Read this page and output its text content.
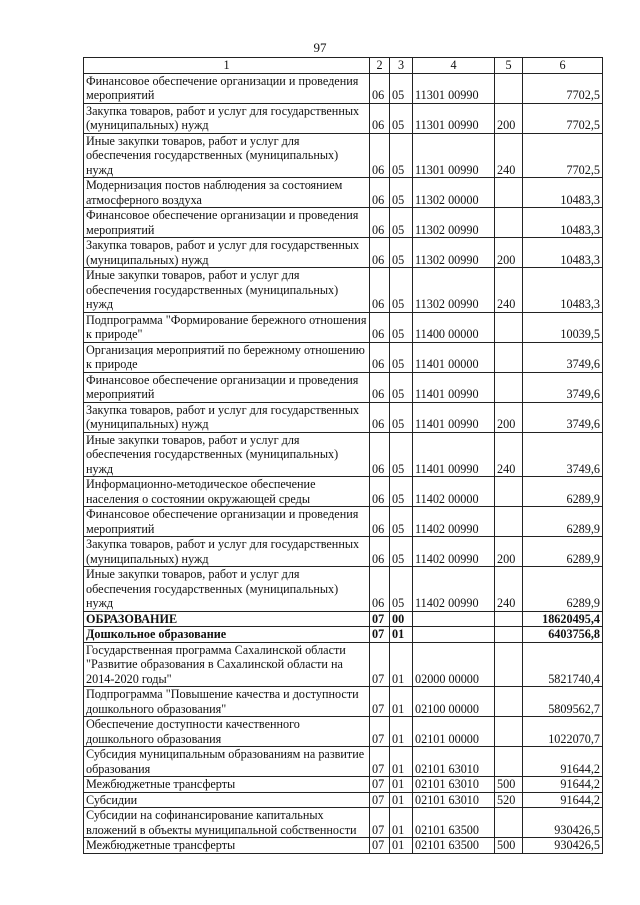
97
1	2	3	4	5	6
Финансовое обеспечение организации и проведения мероприятий	06	05	11301 00990		7702,5
Закупка товаров, работ и услуг для государственных (муниципальных) нужд	06	05	11301 00990	200	7702,5
Иные закупки товаров, работ и услуг для обеспечения государственных (муниципальных) нужд	06	05	11301 00990	240	7702,5
Модернизация постов наблюдения за состоянием атмосферного воздуха	06	05	11302 00000		10483,3
Финансовое обеспечение организации и проведения мероприятий	06	05	11302 00990		10483,3
Закупка товаров, работ и услуг для государственных (муниципальных) нужд	06	05	11302 00990	200	10483,3
Иные закупки товаров, работ и услуг для обеспечения государственных (муниципальных) нужд	06	05	11302 00990	240	10483,3
Подпрограмма "Формирование бережного отношения к природе"	06	05	11400 00000		10039,5
Организация мероприятий по бережному отношению к природе	06	05	11401 00000		3749,6
Финансовое обеспечение организации и проведения мероприятий	06	05	11401 00990		3749,6
Закупка товаров, работ и услуг для государственных (муниципальных) нужд	06	05	11401 00990	200	3749,6
Иные закупки товаров, работ и услуг для обеспечения государственных (муниципальных) нужд	06	05	11401 00990	240	3749,6
Информационно-методическое обеспечение населения о состоянии окружающей среды	06	05	11402 00000		6289,9
Финансовое обеспечение организации и проведения мероприятий	06	05	11402 00990		6289,9
Закупка товаров, работ и услуг для государственных (муниципальных) нужд	06	05	11402 00990	200	6289,9
Иные закупки товаров, работ и услуг для обеспечения государственных (муниципальных) нужд	06	05	11402 00990	240	6289,9
ОБРАЗОВАНИЕ	07	00			18620495,4
Дошкольное образование	07	01			6403756,8
Государственная программа Сахалинской области "Развитие образования в Сахалинской области на 2014-2020 годы"	07	01	02000 00000		5821740,4
Подпрограмма "Повышение качества и доступности дошкольного образования"	07	01	02100 00000		5809562,7
Обеспечение доступности качественного дошкольного образования	07	01	02101 00000		1022070,7
Субсидия муниципальным образованиям на развитие образования	07	01	02101 63010		91644,2
Межбюджетные трансферты	07	01	02101 63010	500	91644,2
Субсидии	07	01	02101 63010	520	91644,2
Субсидии на софинансирование капитальных вложений в объекты муниципальной собственности	07	01	02101 63500		930426,5
Межбюджетные трансферты	07	01	02101 63500	500	930426,5
